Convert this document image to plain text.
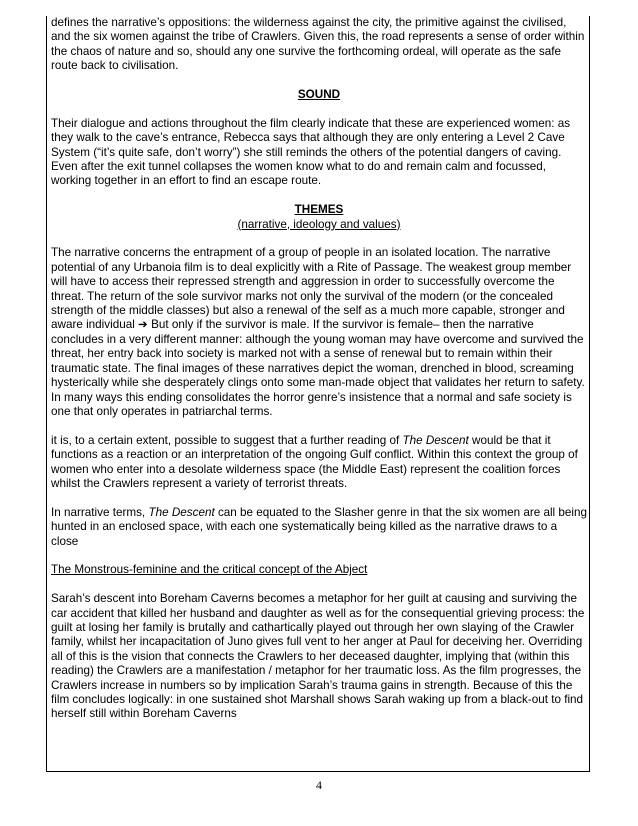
defines the narrative’s oppositions: the wilderness against the city, the primitive against the civilised,
and the six women against the tribe of Crawlers. Given this, the road represents a sense of order within
the chaos of nature and so, should any one survive the forthcoming ordeal, will operate as the safe
route back to civilisation.

SOUND

Their dialogue and actions throughout the film clearly indicate that these are experienced women: as
they walk to the cave’s entrance, Rebecca says that although they are only entering a Level 2 Cave
System (“it’s quite safe, don’t worry”) she still reminds the others of the potential dangers of caving.
Even after the exit tunnel collapses the women know what to do and remain calm and focussed,
working together in an effort to find an escape route.

THEMES

(narrative, ideology and values)

The narrative concerns the entrapment of a group of people in an isolated location. The narrative
potential of any Urbanoia film is to deal explicitly with a Rite of Passage. The weakest group member
will have to access their repressed strength and aggression in order to successfully overcome the
threat. The return of the sole survivor marks not only the survival of the modern (or the concealed
strength of the middle classes) but also a renewal of the self as a much more capable, stronger and
aware individual ➔ But only if the survivor is male. If the survivor is female– then the narrative
concludes in a very different manner: although the young woman may have overcome and survived the
threat, her entry back into society is marked not with a sense of renewal but to remain within their
traumatic state. The final images of these narratives depict the woman, drenched in blood, screaming
hysterically while she desperately clings onto some man-made object that validates her return to safety.
In many ways this ending consolidates the horror genre’s insistence that a normal and safe society is
one that only operates in patriarchal terms.

it is, to a certain extent, possible to suggest that a further reading of The Descent would be that it
functions as a reaction or an interpretation of the ongoing Gulf conflict. Within this context the group of
women who enter into a desolate wilderness space (the Middle East) represent the coalition forces
whilst the Crawlers represent a variety of terrorist threats.

In narrative terms, The Descent can be equated to the Slasher genre in that the six women are all being
hunted in an enclosed space, with each one systematically being killed as the narrative draws to a close

The Monstrous-feminine and the critical concept of the Abject

Sarah’s descent into Boreham Caverns becomes a metaphor for her guilt at causing and surviving the
car accident that killed her husband and daughter as well as for the consequential grieving process: the
guilt at losing her family is brutally and cathartically played out through her own slaying of the Crawler
family, whilst her incapacitation of Juno gives full vent to her anger at Paul for deceiving her. Overriding
all of this is the vision that connects the Crawlers to her deceased daughter, implying that (within this
reading) the Crawlers are a manifestation / metaphor for her traumatic loss. As the film progresses, the
Crawlers increase in numbers so by implication Sarah’s trauma gains in strength. Because of this the
film concludes logically: in one sustained shot Marshall shows Sarah waking up from a black-out to find
herself still within Boreham Caverns

4
